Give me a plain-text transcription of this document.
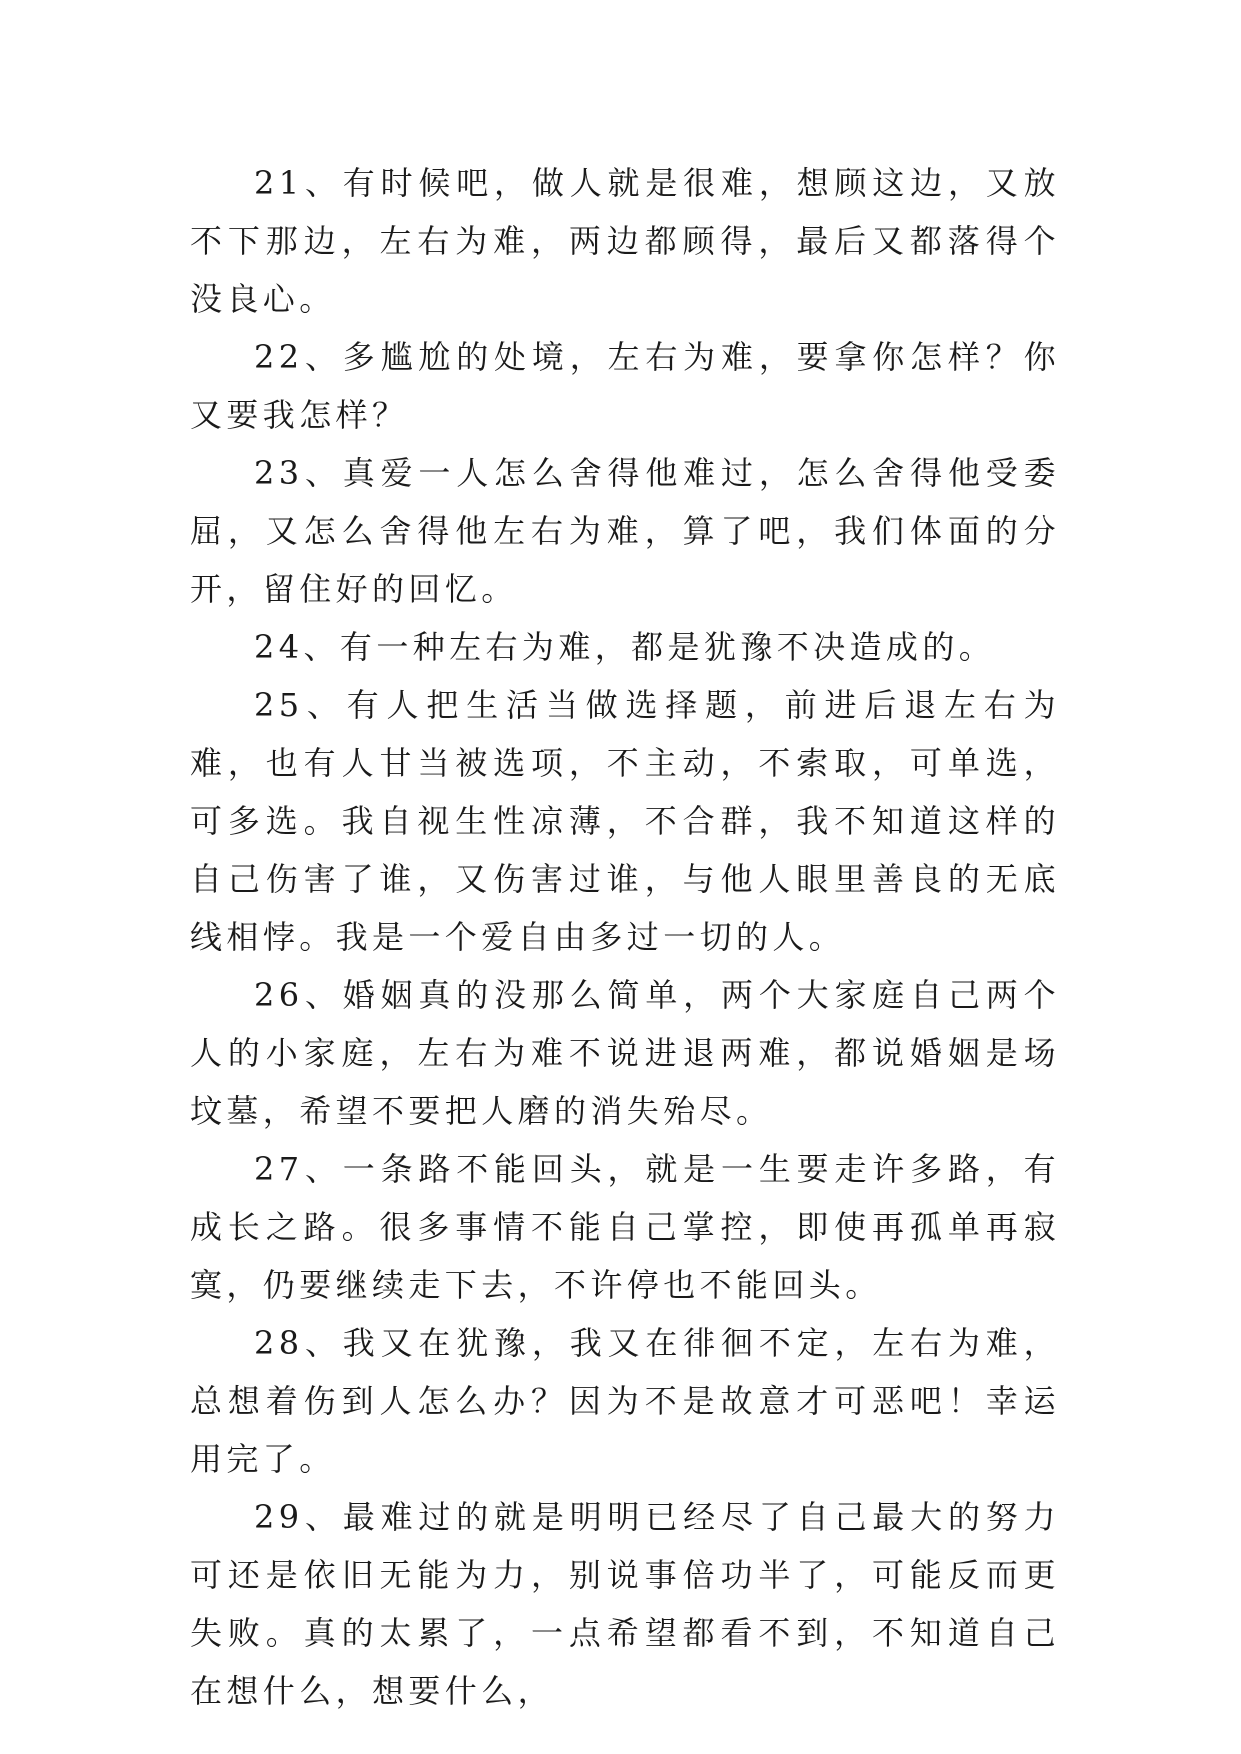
21、有时候吧，做人就是很难，想顾这边，又放不下那边，左右为难，两边都顾得，最后又都落得个没良心。

22、多尴尬的处境，左右为难，要拿你怎样？你又要我怎样？

23、真爱一人怎么舍得他难过，怎么舍得他受委屈，又怎么舍得他左右为难，算了吧，我们体面的分开，留住好的回忆。

24、有一种左右为难，都是犹豫不决造成的。

25、有人把生活当做选择题，前进后退左右为难，也有人甘当被选项，不主动，不索取，可单选，可多选。我自视生性凉薄，不合群，我不知道这样的自己伤害了谁，又伤害过谁，与他人眼里善良的无底线相悖。我是一个爱自由多过一切的人。

26、婚姻真的没那么简单，两个大家庭自己两个人的小家庭，左右为难不说进退两难，都说婚姻是场坟墓，希望不要把人磨的消失殆尽。

27、一条路不能回头，就是一生要走许多路，有成长之路。很多事情不能自己掌控，即使再孤单再寂寞，仍要继续走下去，不许停也不能回头。

28、我又在犹豫，我又在徘徊不定，左右为难，总想着伤到人怎么办？因为不是故意才可恶吧！幸运用完了。

29、最难过的就是明明已经尽了自己最大的努力可还是依旧无能为力，别说事倍功半了，可能反而更失败。真的太累了，一点希望都看不到，不知道自己在想什么，想要什么，
